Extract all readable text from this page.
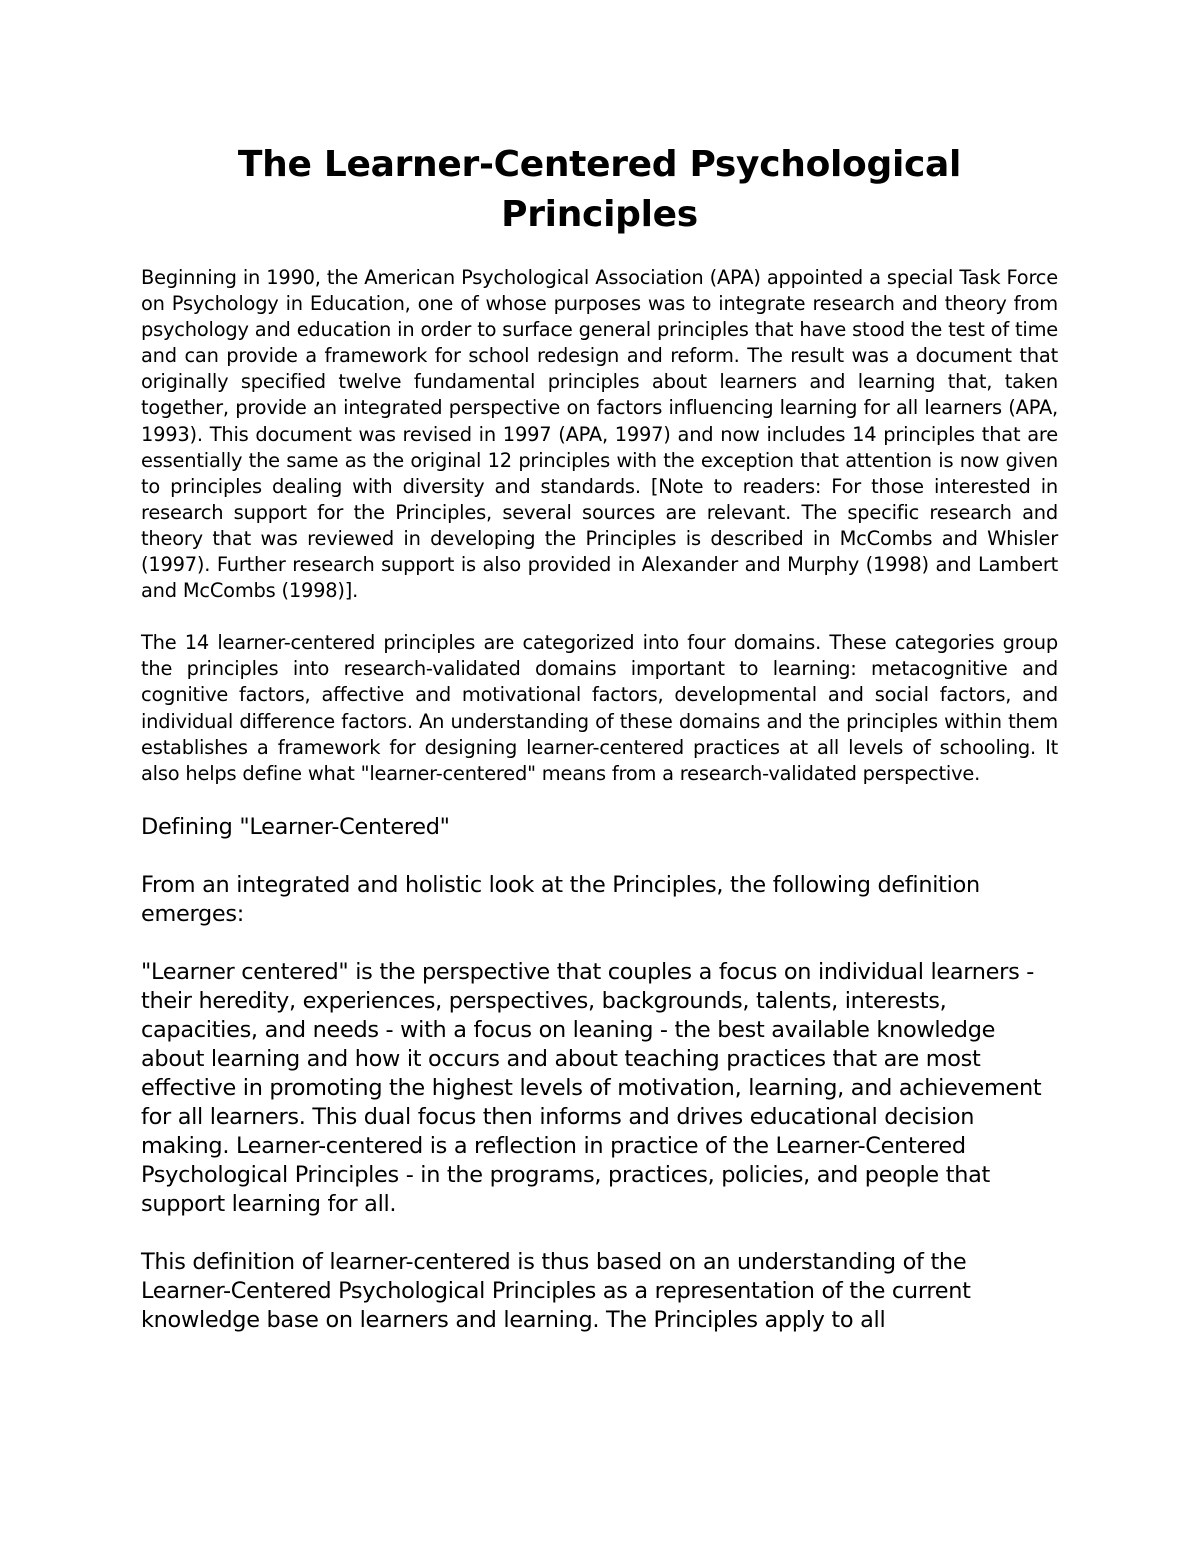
The Learner-Centered Psychological Principles

Beginning in 1990, the American Psychological Association (APA) appointed a special Task Force on Psychology in Education, one of whose purposes was to integrate research and theory from psychology and education in order to surface general principles that have stood the test of time and can provide a framework for school redesign and reform. The result was a document that originally specified twelve fundamental principles about learners and learning that, taken together, provide an integrated perspective on factors influencing learning for all learners (APA, 1993). This document was revised in 1997 (APA, 1997) and now includes 14 principles that are essentially the same as the original 12 principles with the exception that attention is now given to principles dealing with diversity and standards. [Note to readers: For those interested in research support for the Principles, several sources are relevant. The specific research and theory that was reviewed in developing the Principles is described in McCombs and Whisler (1997). Further research support is also provided in Alexander and Murphy (1998) and Lambert and McCombs (1998)].

The 14 learner-centered principles are categorized into four domains. These categories group the principles into research-validated domains important to learning: metacognitive and cognitive factors, affective and motivational factors, developmental and social factors, and individual difference factors. An understanding of these domains and the principles within them establishes a framework for designing learner-centered practices at all levels of schooling. It also helps define what "learner-centered" means from a research-validated perspective.

Defining "Learner-Centered"

From an integrated and holistic look at the Principles, the following definition emerges:

"Learner centered" is the perspective that couples a focus on individual learners - their heredity, experiences, perspectives, backgrounds, talents, interests, capacities, and needs - with a focus on leaning - the best available knowledge about learning and how it occurs and about teaching practices that are most effective in promoting the highest levels of motivation, learning, and achievement for all learners. This dual focus then informs and drives educational decision making. Learner-centered is a reflection in practice of the Learner-Centered Psychological Principles - in the programs, practices, policies, and people that support learning for all.

This definition of learner-centered is thus based on an understanding of the Learner-Centered Psychological Principles as a representation of the current knowledge base on learners and learning. The Principles apply to all
